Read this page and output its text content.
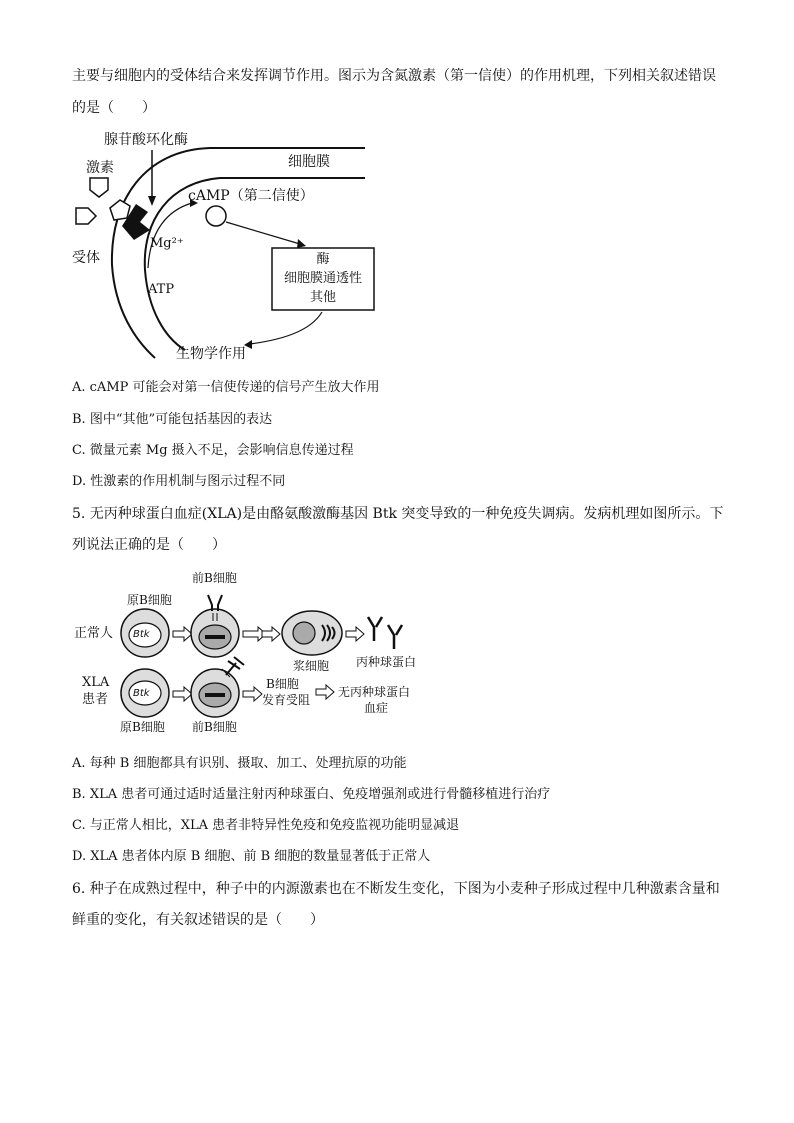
主要与细胞内的受体结合来发挥调节作用。图示为含氮激素（第一信使）的作用机理，下列相关叙述错误
的是（　　）
腺苷酸环化酶
激素	细胞膜
cAMP（第二信使）
Mg²⁺
受体
ATP
酶
细胞膜通透性
其他
生物学作用
A. cAMP 可能会对第一信使传递的信号产生放大作用
B. 图中“其他”可能包括基因的表达
C. 微量元素 Mg 摄入不足，会影响信息传递过程
D. 性激素的作用机制与图示过程不同
5. 无丙种球蛋白血症(XLA)是由酪氨酸激酶基因 Btk 突变导致的一种免疫失调病。发病机理如图所示。下
列说法正确的是（　　）
前B细胞
原B细胞
正常人 Btk
浆细胞 丙种球蛋白
XLA
患者 Btk
B细胞
发育受阻
无丙种球蛋白
血症
原B细胞 前B细胞
A. 每种 B 细胞都具有识别、摄取、加工、处理抗原的功能
B. XLA 患者可通过适时适量注射丙种球蛋白、免疫增强剂或进行骨髓移植进行治疗
C. 与正常人相比，XLA 患者非特异性免疫和免疫监视功能明显减退
D. XLA 患者体内原 B 细胞、前 B 细胞的数量显著低于正常人
6. 种子在成熟过程中，种子中的内源激素也在不断发生变化，下图为小麦种子形成过程中几种激素含量和
鲜重的变化，有关叙述错误的是（　　）
